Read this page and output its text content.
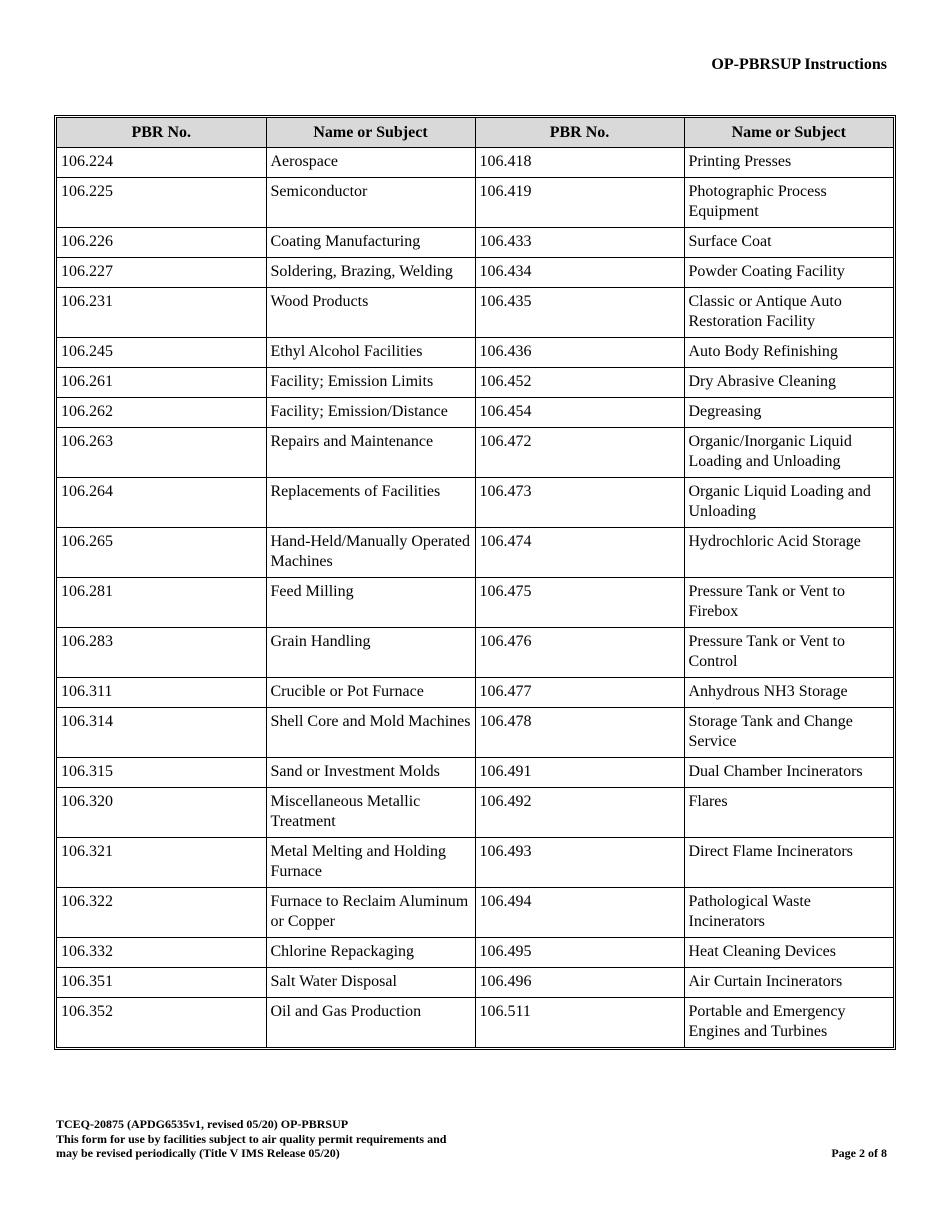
OP-PBRSUP Instructions
PBR No.	Name or Subject	PBR No.	Name or Subject
106.224	Aerospace	106.418	Printing Presses
106.225	Semiconductor	106.419	Photographic Process Equipment
106.226	Coating Manufacturing	106.433	Surface Coat
106.227	Soldering, Brazing, Welding	106.434	Powder Coating Facility
106.231	Wood Products	106.435	Classic or Antique Auto Restoration Facility
106.245	Ethyl Alcohol Facilities	106.436	Auto Body Refinishing
106.261	Facility; Emission Limits	106.452	Dry Abrasive Cleaning
106.262	Facility; Emission/Distance	106.454	Degreasing
106.263	Repairs and Maintenance	106.472	Organic/Inorganic Liquid Loading and Unloading
106.264	Replacements of Facilities	106.473	Organic Liquid Loading and Unloading
106.265	Hand-Held/Manually Operated Machines	106.474	Hydrochloric Acid Storage
106.281	Feed Milling	106.475	Pressure Tank or Vent to Firebox
106.283	Grain Handling	106.476	Pressure Tank or Vent to Control
106.311	Crucible or Pot Furnace	106.477	Anhydrous NH3 Storage
106.314	Shell Core and Mold Machines	106.478	Storage Tank and Change Service
106.315	Sand or Investment Molds	106.491	Dual Chamber Incinerators
106.320	Miscellaneous Metallic Treatment	106.492	Flares
106.321	Metal Melting and Holding Furnace	106.493	Direct Flame Incinerators
106.322	Furnace to Reclaim Aluminum or Copper	106.494	Pathological Waste Incinerators
106.332	Chlorine Repackaging	106.495	Heat Cleaning Devices
106.351	Salt Water Disposal	106.496	Air Curtain Incinerators
106.352	Oil and Gas Production	106.511	Portable and Emergency Engines and Turbines
TCEQ-20875 (APDG6535v1, revised 05/20) OP-PBRSUP
This form for use by facilities subject to air quality permit requirements and
may be revised periodically (Title V IMS Release 05/20)	Page 2 of 8
